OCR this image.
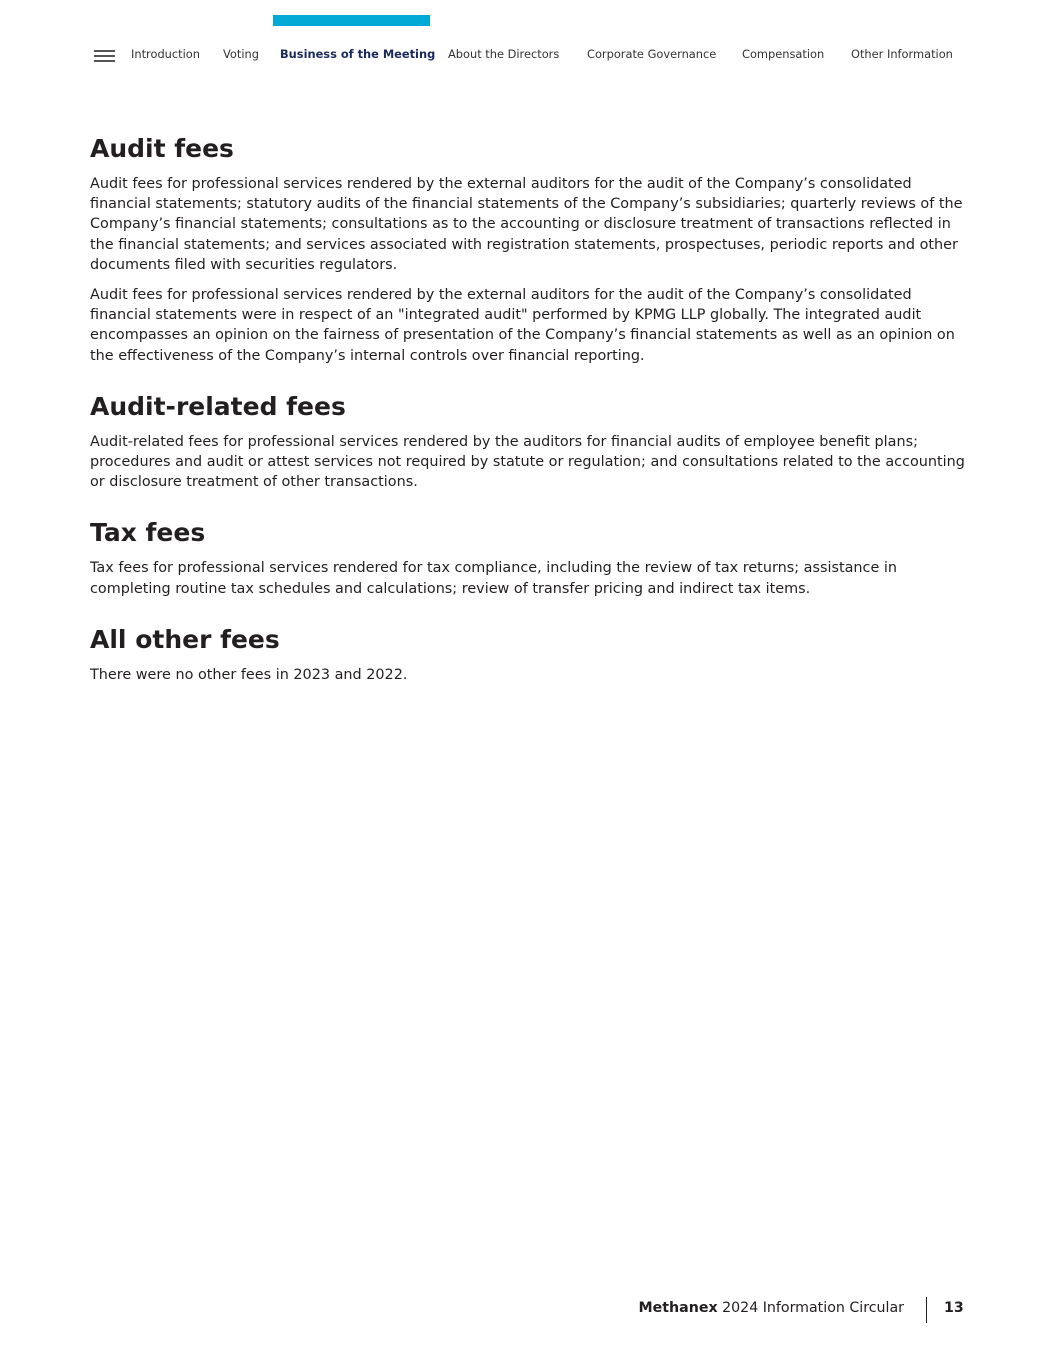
Introduction Voting Business of the Meeting About the Directors Corporate Governance Compensation Other Information
Audit fees

Audit fees for professional services rendered by the external auditors for the audit of the Company’s consolidated financial statements; statutory audits of the financial statements of the Company’s subsidiaries; quarterly reviews of the Company’s financial statements; consultations as to the accounting or disclosure treatment of transactions reflected in the financial statements; and services associated with registration statements, prospectuses, periodic reports and other documents filed with securities regulators.

Audit fees for professional services rendered by the external auditors for the audit of the Company’s consolidated financial statements were in respect of an "integrated audit" performed by KPMG LLP globally. The integrated audit encompasses an opinion on the fairness of presentation of the Company’s financial statements as well as an opinion on the effectiveness of the Company’s internal controls over financial reporting.

Audit-related fees

Audit-related fees for professional services rendered by the auditors for financial audits of employee benefit plans; procedures and audit or attest services not required by statute or regulation; and consultations related to the accounting or disclosure treatment of other transactions.

Tax fees

Tax fees for professional services rendered for tax compliance, including the review of tax returns; assistance in completing routine tax schedules and calculations; review of transfer pricing and indirect tax items.

All other fees

There were no other fees in 2023 and 2022.

Methanex 2024 Information Circular	13
